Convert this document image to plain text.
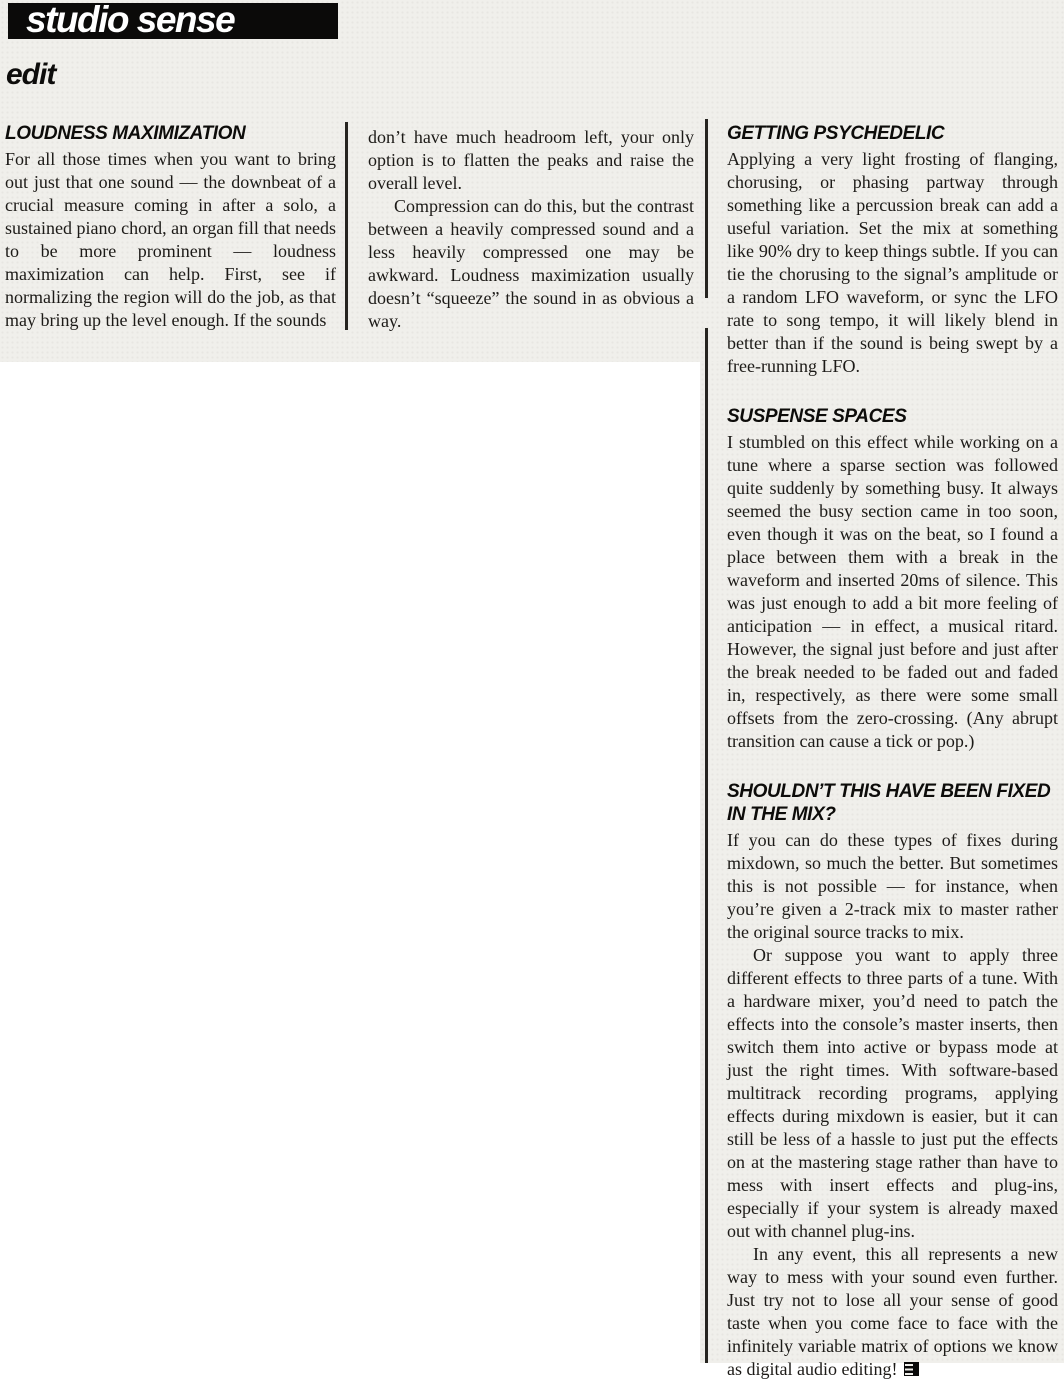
studio sense
edit
LOUDNESS MAXIMIZATION

For all those times when you want to bring out just that one sound — the downbeat of a crucial measure coming in after a solo, a sustained piano chord, an organ fill that needs to be more prominent — loudness maximization can help. First, see if normalizing the region will do the job, as that may bring up the level enough. If the sounds

don’t have much headroom left, your only option is to flatten the peaks and raise the overall level.

Compression can do this, but the contrast between a heavily compressed sound and a less heavily compressed one may be awkward. Loudness maximization usually doesn’t “squeeze” the sound in as obvious a way.

GETTING PSYCHEDELIC

Applying a very light frosting of flanging, chorusing, or phasing partway through something like a percussion break can add a useful variation. Set the mix at something like 90% dry to keep things subtle. If you can tie the chorusing to the signal’s amplitude or a random LFO waveform, or sync the LFO rate to song tempo, it will likely blend in better than if the sound is being swept by a free-running LFO.

SUSPENSE SPACES

I stumbled on this effect while working on a tune where a sparse section was followed quite suddenly by something busy. It always seemed the busy section came in too soon, even though it was on the beat, so I found a place between them with a break in the waveform and inserted 20ms of silence. This was just enough to add a bit more feeling of anticipation — in effect, a musical ritard. However, the signal just before and just after the break needed to be faded out and faded in, respectively, as there were some small offsets from the zero-crossing. (Any abrupt transition can cause a tick or pop.)

SHOULDN’T THIS HAVE BEEN FIXED IN THE MIX?

If you can do these types of fixes during mixdown, so much the better. But sometimes this is not possible — for instance, when you’re given a 2-track mix to master rather the original source tracks to mix.

Or suppose you want to apply three different effects to three parts of a tune. With a hardware mixer, you’d need to patch the effects into the console’s master inserts, then switch them into active or bypass mode at just the right times. With software-based multitrack recording programs, applying effects during mixdown is easier, but it can still be less of a hassle to just put the effects on at the mastering stage rather than have to mess with insert effects and plug-ins, especially if your system is already maxed out with channel plug-ins.

In any event, this all represents a new way to mess with your sound even further. Just try not to lose all your sense of good taste when you come face to face with the infinitely variable matrix of options we know as digital audio editing!
